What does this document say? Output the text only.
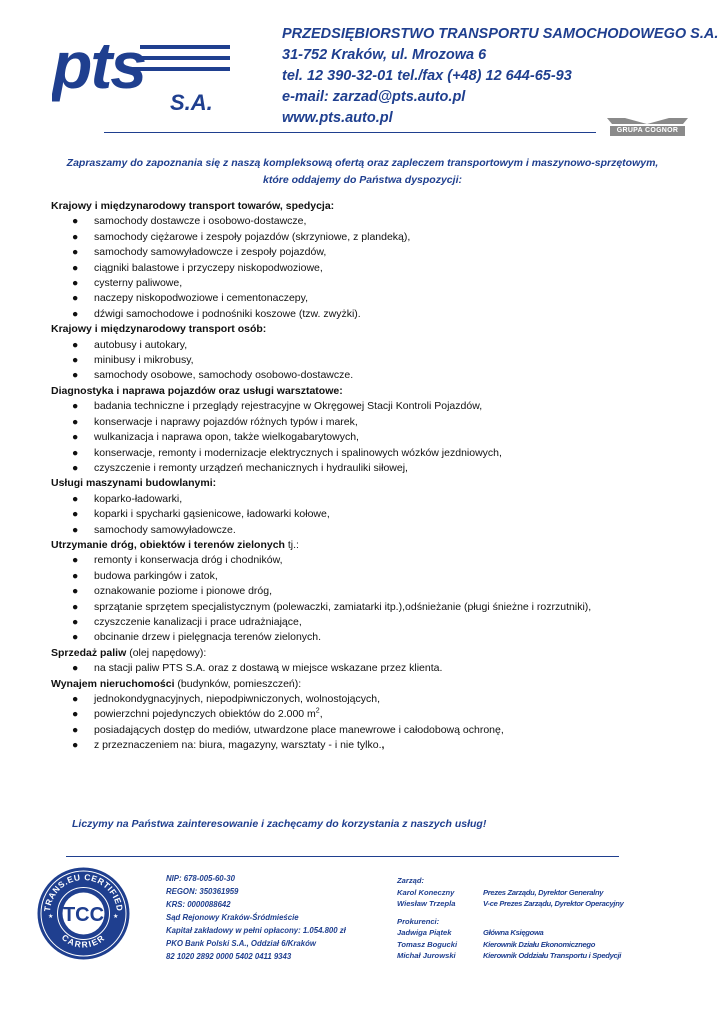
pts
S.A.
PRZEDSIĘBIORSTWO TRANSPORTU SAMOCHODOWEGO S.A.
31-752 Kraków, ul. Mrozowa 6
tel. 12 390-32-01 tel./fax (+48) 12 644-65-93
e-mail: zarzad@pts.auto.pl
www.pts.auto.pl
GRUPA COGNOR
Zapraszamy do zapoznania się z naszą kompleksową ofertą oraz zapleczem transportowym i maszynowo-sprzętowym,
które oddajemy do Państwa dyspozycji:
Krajowy i międzynarodowy transport towarów, spedycja:
● samochody dostawcze i osobowo-dostawcze,
● samochody ciężarowe i zespoły pojazdów (skrzyniowe, z plandeką),
● samochody samowyładowcze i zespoły pojazdów,
● ciągniki balastowe i przyczepy niskopodwoziowe,
● cysterny paliwowe,
● naczepy niskopodwoziowe i cementonaczepy,
● dźwigi samochodowe i podnośniki koszowe (tzw. zwyżki).
Krajowy i międzynarodowy transport osób:
● autobusy i autokary,
● minibusy i mikrobusy,
● samochody osobowe, samochody osobowo-dostawcze.
Diagnostyka i naprawa pojazdów oraz usługi warsztatowe:
● badania techniczne i przeglądy rejestracyjne w Okręgowej Stacji Kontroli Pojazdów,
● konserwacje i naprawy pojazdów różnych typów i marek,
● wulkanizacja i naprawa opon, także wielkogabarytowych,
● konserwacje, remonty i modernizacje elektrycznych i spalinowych wózków jezdniowych,
● czyszczenie i remonty urządzeń mechanicznych i hydrauliki siłowej,
Usługi maszynami budowlanymi:
● koparko-ładowarki,
● koparki i spycharki gąsienicowe, ładowarki kołowe,
● samochody samowyładowcze.
Utrzymanie dróg, obiektów i terenów zielonych tj.:
● remonty i konserwacja dróg i chodników,
● budowa parkingów i zatok,
● oznakowanie poziome i pionowe dróg,
● sprzątanie sprzętem specjalistycznym (polewaczki, zamiatarki itp.),odśnieżanie (pługi śnieżne i rozrzutniki),
● czyszczenie kanalizacji i prace udrażniające,
● obcinanie drzew i pielęgnacja terenów zielonych.
Sprzedaż paliw (olej napędowy):
● na stacji paliw PTS S.A. oraz z dostawą w miejsce wskazane przez klienta.
Wynajem nieruchomości (budynków, pomieszczeń):
● jednokondygnacyjnych, niepodpiwniczonych, wolnostojących,
● powierzchni pojedynczych obiektów do 2.000 $m^2$,
● posiadających dostęp do mediów, utwardzone place manewrowe i całodobową ochronę,
● z przeznaczeniem na: biura, magazyny, warsztaty - i nie tylko.,
Liczymy na Państwa zainteresowanie i zachęcamy do korzystania z naszych usług!
TRANS.EU CERTIFIED
CARRIER
TCC
★	★
NIP: 678-005-60-30
REGON: 350361959
KRS: 0000088642
Sąd Rejonowy Kraków-Śródmieście
Kapitał zakładowy w pełni opłacony: 1.054.800 zł
PKO Bank Polski S.A., Oddział 6/Kraków
82 1020 2892 0000 5402 0411 9343
Zarząd:
Karol Koneczny	Prezes Zarządu, Dyrektor Generalny
Wiesław Trzepla	V-ce Prezes Zarządu, Dyrektor Operacyjny
Prokurenci:
Jadwiga Piątek	Główna Księgowa
Tomasz Bogucki	Kierownik Działu Ekonomicznego
Michał Jurowski	Kierownik Oddziału Transportu i Spedycji
